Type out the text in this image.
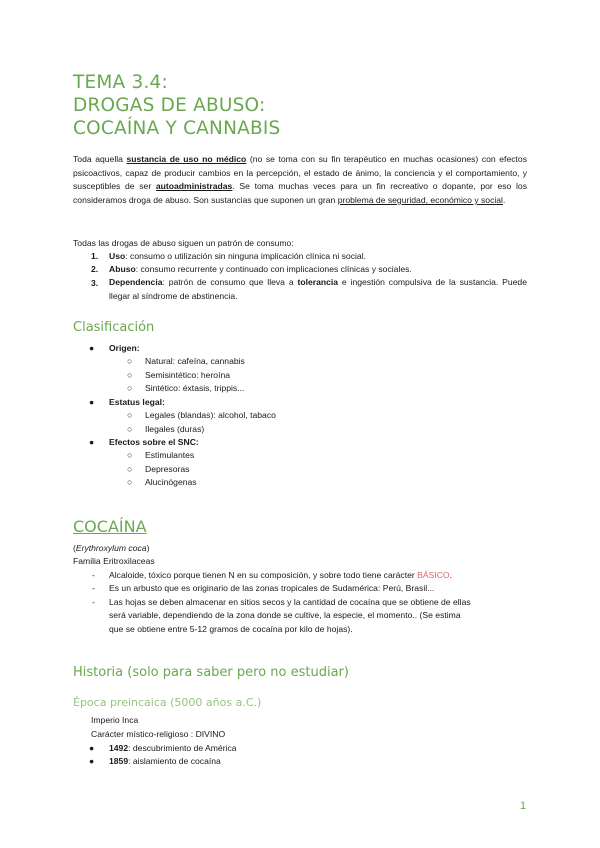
TEMA 3.4:
DROGAS DE ABUSO:
COCAÍNA Y CANNABIS
Toda aquella sustancia de uso no médico (no se toma con su fin terapéutico en muchas ocasiones) con efectos psicoactivos, capaz de producir cambios en la percepción, el estado de ánimo, la conciencia y el comportamiento, y susceptibles de ser autoadministradas. Se toma muchas veces para un fin recreativo o dopante, por eso los consideramos droga de abuso. Son sustancias que suponen un gran problema de seguridad, económico y social.
Todas las drogas de abuso siguen un patrón de consumo:
1. Uso: consumo o utilización sin ninguna implicación clínica ni social.
2. Abuso: consumo recurrente y continuado con implicaciones clínicas y sociales.
3. Dependencia: patrón de consumo que lleva a tolerancia e ingestión compulsiva de la sustancia. Puede llegar al síndrome de abstinencia.
Clasificación
● Origen:
○ Natural: cafeína, cannabis
○ Semisintético: heroína
○ Sintético: éxtasis, trippis...
● Estatus legal:
○ Legales (blandas): alcohol, tabaco
○ Ilegales (duras)
● Efectos sobre el SNC:
○ Estimulantes
○ Depresoras
○ Alucinógenas
COCAÍNA
(Erythroxylum coca)
Familia Eritroxilaceas
- Alcaloide, tóxico porque tienen N en su composición, y sobre todo tiene carácter BÁSICO.
- Es un arbusto que es originario de las zonas tropicales de Sudamérica: Perú, Brasil...
- Las hojas se deben almacenar en sitios secos y la cantidad de cocaína que se obtiene de ellas
será variable, dependiendo de la zona donde se cultive, la especie, el momento.. (Se estima
que se obtiene entre 5-12 gramos de cocaína por kilo de hojas).
Historia (solo para saber pero no estudiar)
Época preincaica (5000 años a.C.)
Imperio Inca
Carácter místico-religioso : DIVINO
● 1492: descubrimiento de América
● 1859: aislamiento de cocaína
1
